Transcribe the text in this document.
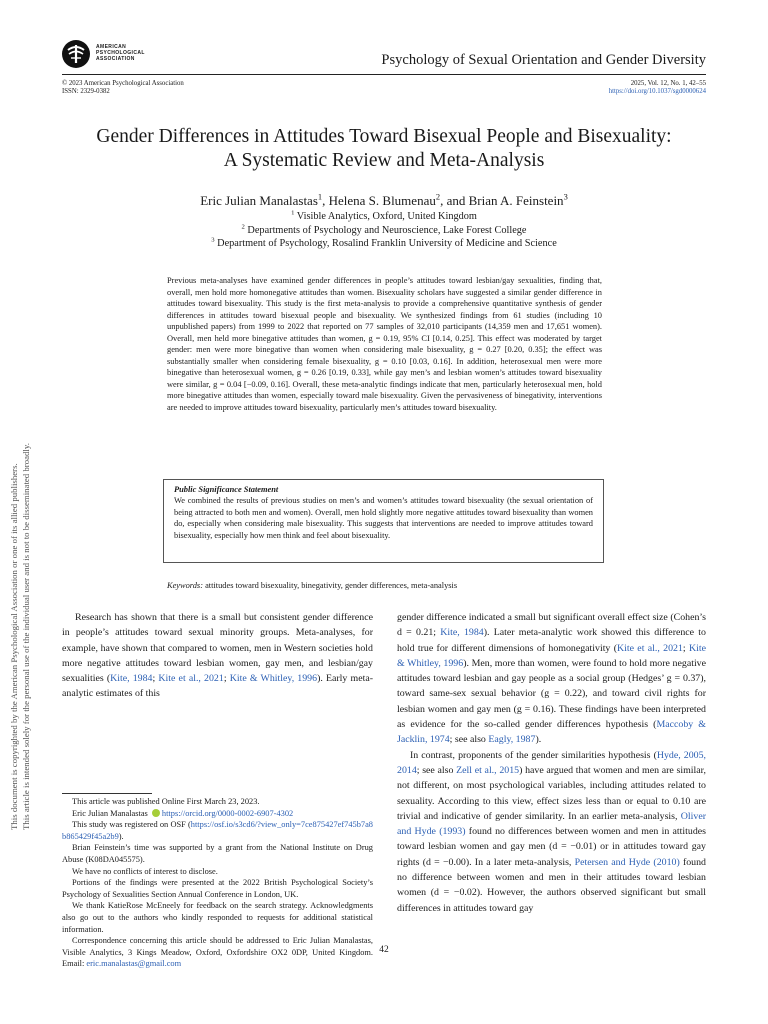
AMERICAN
PSYCHOLOGICAL
ASSOCIATION	Psychology of Sexual Orientation and Gender Diversity
© 2023 American Psychological Association
ISSN: 2329-0382
2025, Vol. 12, No. 1, 42–55
https://doi.org/10.1037/sgd0000624
Gender Differences in Attitudes Toward Bisexual People and Bisexuality:
A Systematic Review and Meta-Analysis
Eric Julian Manalastas$^1$, Helena S. Blumenau$^2$, and Brian A. Feinstein$^3$
$^1$ Visible Analytics, Oxford, United Kingdom
$^2$ Departments of Psychology and Neuroscience, Lake Forest College
$^3$ Department of Psychology, Rosalind Franklin University of Medicine and Science
Previous meta-analyses have examined gender differences in people’s attitudes toward lesbian/gay sexualities, finding that, overall, men hold more homonegative attitudes than women. Bisexuality scholars have suggested a similar gender difference in attitudes toward bisexuality. This study is the first meta-analysis to provide a comprehensive quantitative synthesis of gender differences in attitudes toward bisexual people and bisexuality. We synthesized findings from 61 studies (including 10 unpublished papers) from 1999 to 2022 that reported on 77 samples of 32,010 participants (14,359 men and 17,651 women). Overall, men held more binegative attitudes than women, g = 0.19, 95% CI [0.14, 0.25]. This effect was moderated by target gender: men were more binegative than women when considering male bisexuality, g = 0.27 [0.20, 0.35]; the effect was substantially smaller when considering female bisexuality, g = 0.10 [0.03, 0.16]. In addition, heterosexual men were more binegative than heterosexual women, g = 0.26 [0.19, 0.33], while gay men’s and lesbian women’s attitudes toward bisexuality were similar, g = 0.04 [−0.09, 0.16]. Overall, these meta-analytic findings indicate that men, particularly heterosexual men, hold more binegative attitudes than women, especially toward male bisexuality. Given the pervasiveness of binegativity, interventions are needed to improve attitudes toward bisexuality, particularly men’s attitudes toward bisexuality.
Public Significance Statement
We combined the results of previous studies on men’s and women’s attitudes toward bisexuality (the sexual orientation of being attracted to both men and women). Overall, men hold slightly more negative attitudes toward bisexuality than women do, especially when considering male bisexuality. This suggests that interventions are needed to improve attitudes toward bisexuality, especially how men think and feel about bisexuality.
Keywords: attitudes toward bisexuality, binegativity, gender differences, meta-analysis
This document is copyrighted by the American Psychological Association or one of its allied publishers. This article is intended solely for the personal use of the individual user and is not to be disseminated broadly.	Research has shown that there is a small but consistent gender difference in people’s attitudes toward sexual minority groups. Meta-analyses, for example, have shown that compared to women, men in Western societies hold more negative attitudes toward lesbian women, gay men, and lesbian/gay sexualities (Kite, 1984; Kite et al., 2021; Kite & Whitley, 1996). Early meta-analytic estimates of this

This article was published Online First March 23, 2023.

Eric Julian Manalastas https://orcid.org/0000-0002-6907-4302

This study was registered on OSF (https://osf.io/s3cd6/?view_only=7ce875427ef745b7a8b865429f45a2b9).

Brian Feinstein’s time was supported by a grant from the National Institute on Drug Abuse (K08DA045575).

We have no conflicts of interest to disclose.

Portions of the findings were presented at the 2022 British Psychological Society’s Psychology of Sexualities Section Annual Conference in London, UK.

We thank KatieRose McEneely for feedback on the search strategy. Acknowledgments also go out to the authors who kindly responded to requests for additional statistical information.

Correspondence concerning this article should be addressed to Eric Julian Manalastas, Visible Analytics, 3 Kings Meadow, Oxford, Oxfordshire OX2 0DP, United Kingdom. Email: eric.manalastas@gmail.com

gender difference indicated a small but significant overall effect size (Cohen’s d = 0.21; Kite, 1984). Later meta-analytic work showed this difference to hold true for different dimensions of homonegativity (Kite et al., 2021; Kite & Whitley, 1996). Men, more than women, were found to hold more negative attitudes toward lesbian and gay people as a social group (Hedges’ g = 0.37), toward same-sex sexual behavior (g = 0.22), and toward civil rights for lesbian women and gay men (g = 0.16). These findings have been interpreted as evidence for the so-called gender differences hypothesis (Maccoby & Jacklin, 1974; see also Eagly, 1987).

In contrast, proponents of the gender similarities hypothesis (Hyde, 2005, 2014; see also Zell et al., 2015) have argued that women and men are similar, not different, on most psychological variables, including attitudes related to sexuality. According to this view, effect sizes less than or equal to 0.10 are trivial and indicative of gender similarity. In an earlier meta-analysis, Oliver and Hyde (1993) found no differences between women and men in attitudes toward lesbian women and gay men (d = −0.01) or in attitudes toward gay rights (d = −0.00). In a later meta-analysis, Petersen and Hyde (2010) found no difference between women and men in their attitudes toward lesbian women (d = −0.02). However, the authors observed significant but small differences in attitudes toward gay

42
